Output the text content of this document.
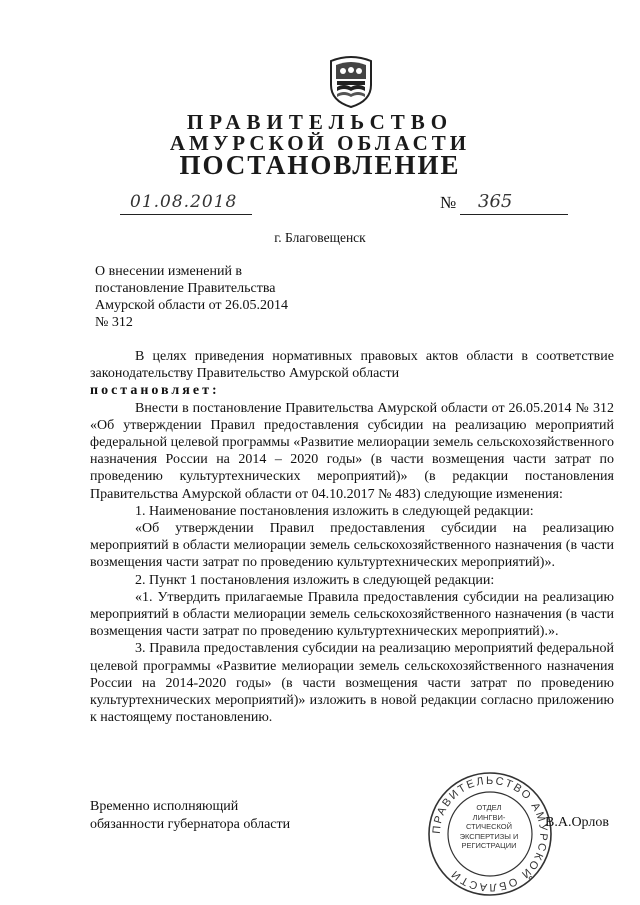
ПРАВИТЕЛЬСТВО
АМУРСКОЙ ОБЛАСТИ
ПОСТАНОВЛЕНИЕ
01.08.2018	№ 365
г. Благовещенск
О внесении изменений в
постановление Правительства
Амурской области от 26.05.2014
№ 312

В целях приведения нормативных правовых актов области в соответствие законодательству Правительство Амурской области

постановляет:

Внести в постановление Правительства Амурской области от 26.05.2014 № 312 «Об утверждении Правил предоставления субсидии на реализацию мероприятий федеральной целевой программы «Развитие мелиорации земель сельскохозяйственного назначения России на 2014 – 2020 годы» (в части возмещения части затрат по проведению культуртехнических мероприятий)» (в редакции постановления Правительства Амурской области от 04.10.2017 № 483) следующие изменения:

1. Наименование постановления изложить в следующей редакции:

«Об утверждении Правил предоставления субсидии на реализацию мероприятий в области мелиорации земель сельскохозяйственного назначения (в части возмещения части затрат по проведению культуртехнических мероприятий)».

2. Пункт 1 постановления изложить в следующей редакции:

«1. Утвердить прилагаемые Правила предоставления субсидии на реализацию мероприятий в области мелиорации земель сельскохозяйственного назначения (в части возмещения части затрат по проведению культуртехнических мероприятий).».

3. Правила предоставления субсидии на реализацию мероприятий федеральной целевой программы «Развитие мелиорации земель сельскохозяйственного назначения России на 2014-2020 годы» (в части возмещения части затрат по проведению культуртехнических мероприятий)» изложить в новой редакции согласно приложению к настоящему постановлению.

Временно исполняющий
обязанности губернатора области	ПРАВИТЕЛЬСТВО АМУРСКОЙ ОБЛАСТИ
ОТДЕЛ
ЛИНГВИ-
СТИЧЕСКОЙ
ЭКСПЕРТИЗЫ И
РЕГИСТРАЦИИ
В.А.Орлов
